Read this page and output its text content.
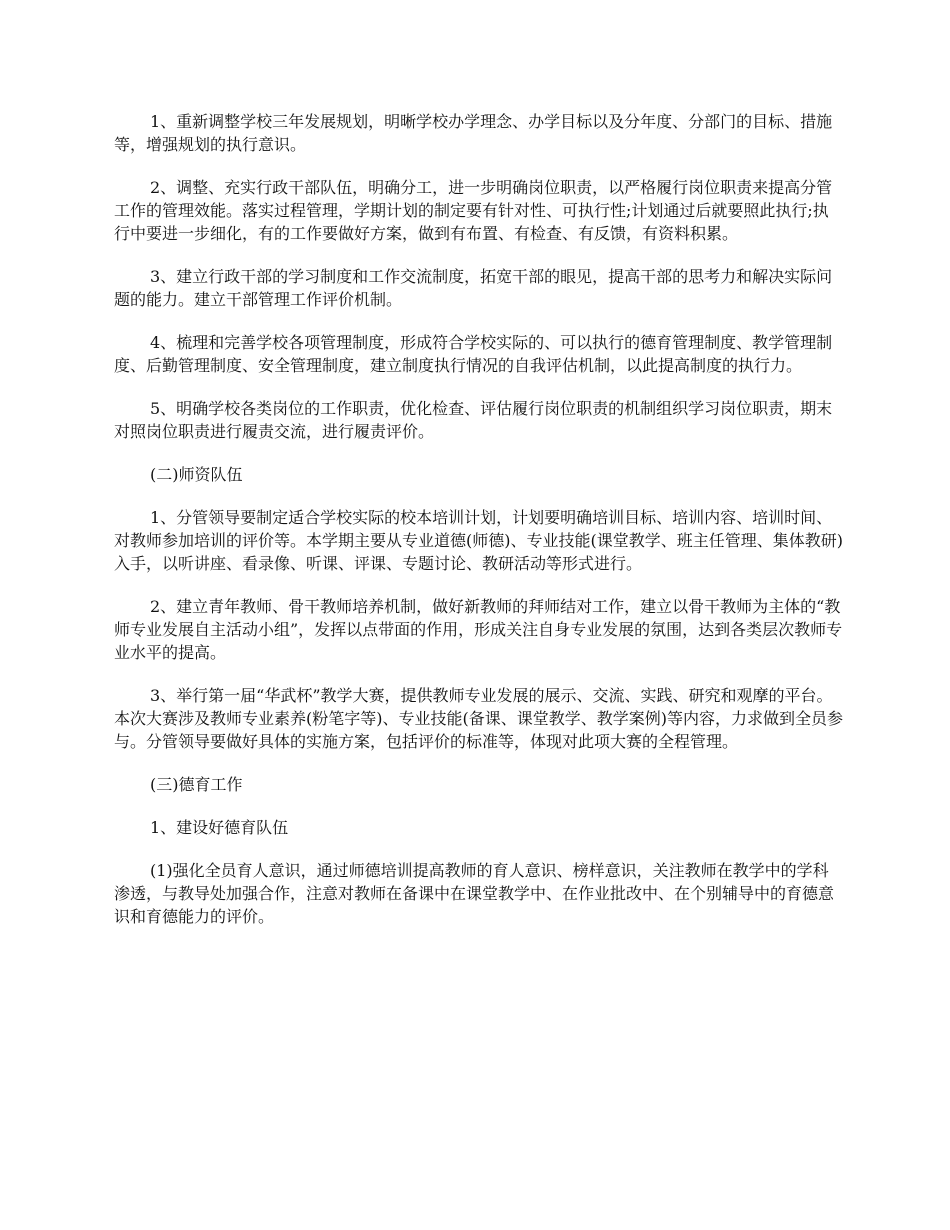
1、重新调整学校三年发展规划，明晰学校办学理念、办学目标以及分年度、分部门的目标、措施等，增强规划的执行意识。

2、调整、充实行政干部队伍，明确分工，进一步明确岗位职责，以严格履行岗位职责来提高分管工作的管理效能。落实过程管理，学期计划的制定要有针对性、可执行性;计划通过后就要照此执行;执行中要进一步细化，有的工作要做好方案，做到有布置、有检查、有反馈，有资料积累。

3、建立行政干部的学习制度和工作交流制度，拓宽干部的眼见，提高干部的思考力和解决实际问题的能力。建立干部管理工作评价机制。

4、梳理和完善学校各项管理制度，形成符合学校实际的、可以执行的德育管理制度、教学管理制度、后勤管理制度、安全管理制度，建立制度执行情况的自我评估机制，以此提高制度的执行力。

5、明确学校各类岗位的工作职责，优化检查、评估履行岗位职责的机制组织学习岗位职责，期末对照岗位职责进行履责交流，进行履责评价。

(二)师资队伍

1、分管领导要制定适合学校实际的校本培训计划，计划要明确培训目标、培训内容、培训时间、对教师参加培训的评价等。本学期主要从专业道德(师德)、专业技能(课堂教学、班主任管理、集体教研)入手，以听讲座、看录像、听课、评课、专题讨论、教研活动等形式进行。

2、建立青年教师、骨干教师培养机制，做好新教师的拜师结对工作，建立以骨干教师为主体的“教师专业发展自主活动小组”，发挥以点带面的作用，形成关注自身专业发展的氛围，达到各类层次教师专业水平的提高。

3、举行第一届“华武杯”教学大赛，提供教师专业发展的展示、交流、实践、研究和观摩的平台。本次大赛涉及教师专业素养(粉笔字等)、专业技能(备课、课堂教学、教学案例)等内容，力求做到全员参与。分管领导要做好具体的实施方案，包括评价的标准等，体现对此项大赛的全程管理。

(三)德育工作

1、建设好德育队伍

(1)强化全员育人意识，通过师德培训提高教师的育人意识、榜样意识，关注教师在教学中的学科渗透，与教导处加强合作，注意对教师在备课中在课堂教学中、在作业批改中、在个别辅导中的育德意识和育德能力的评价。
